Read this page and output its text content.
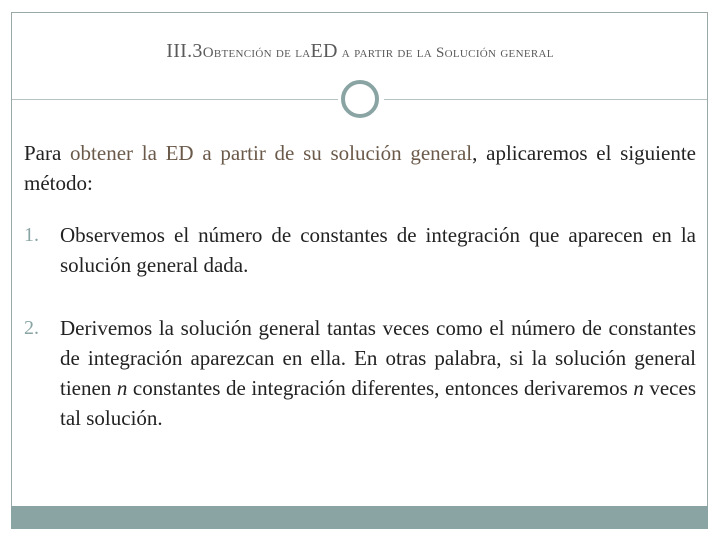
III.3Obtención de laED a partir de la Solución general

Para obtener la ED a partir de su solución general, aplicaremos el siguiente método:

1. Observemos el número de constantes de integración que aparecen en la solución general dada.
2. Derivemos la solución general tantas veces como el número de constantes de integración aparezcan en ella. En otras palabra, si la solución general tienen n constantes de integración diferentes, entonces derivaremos n veces tal solución.
